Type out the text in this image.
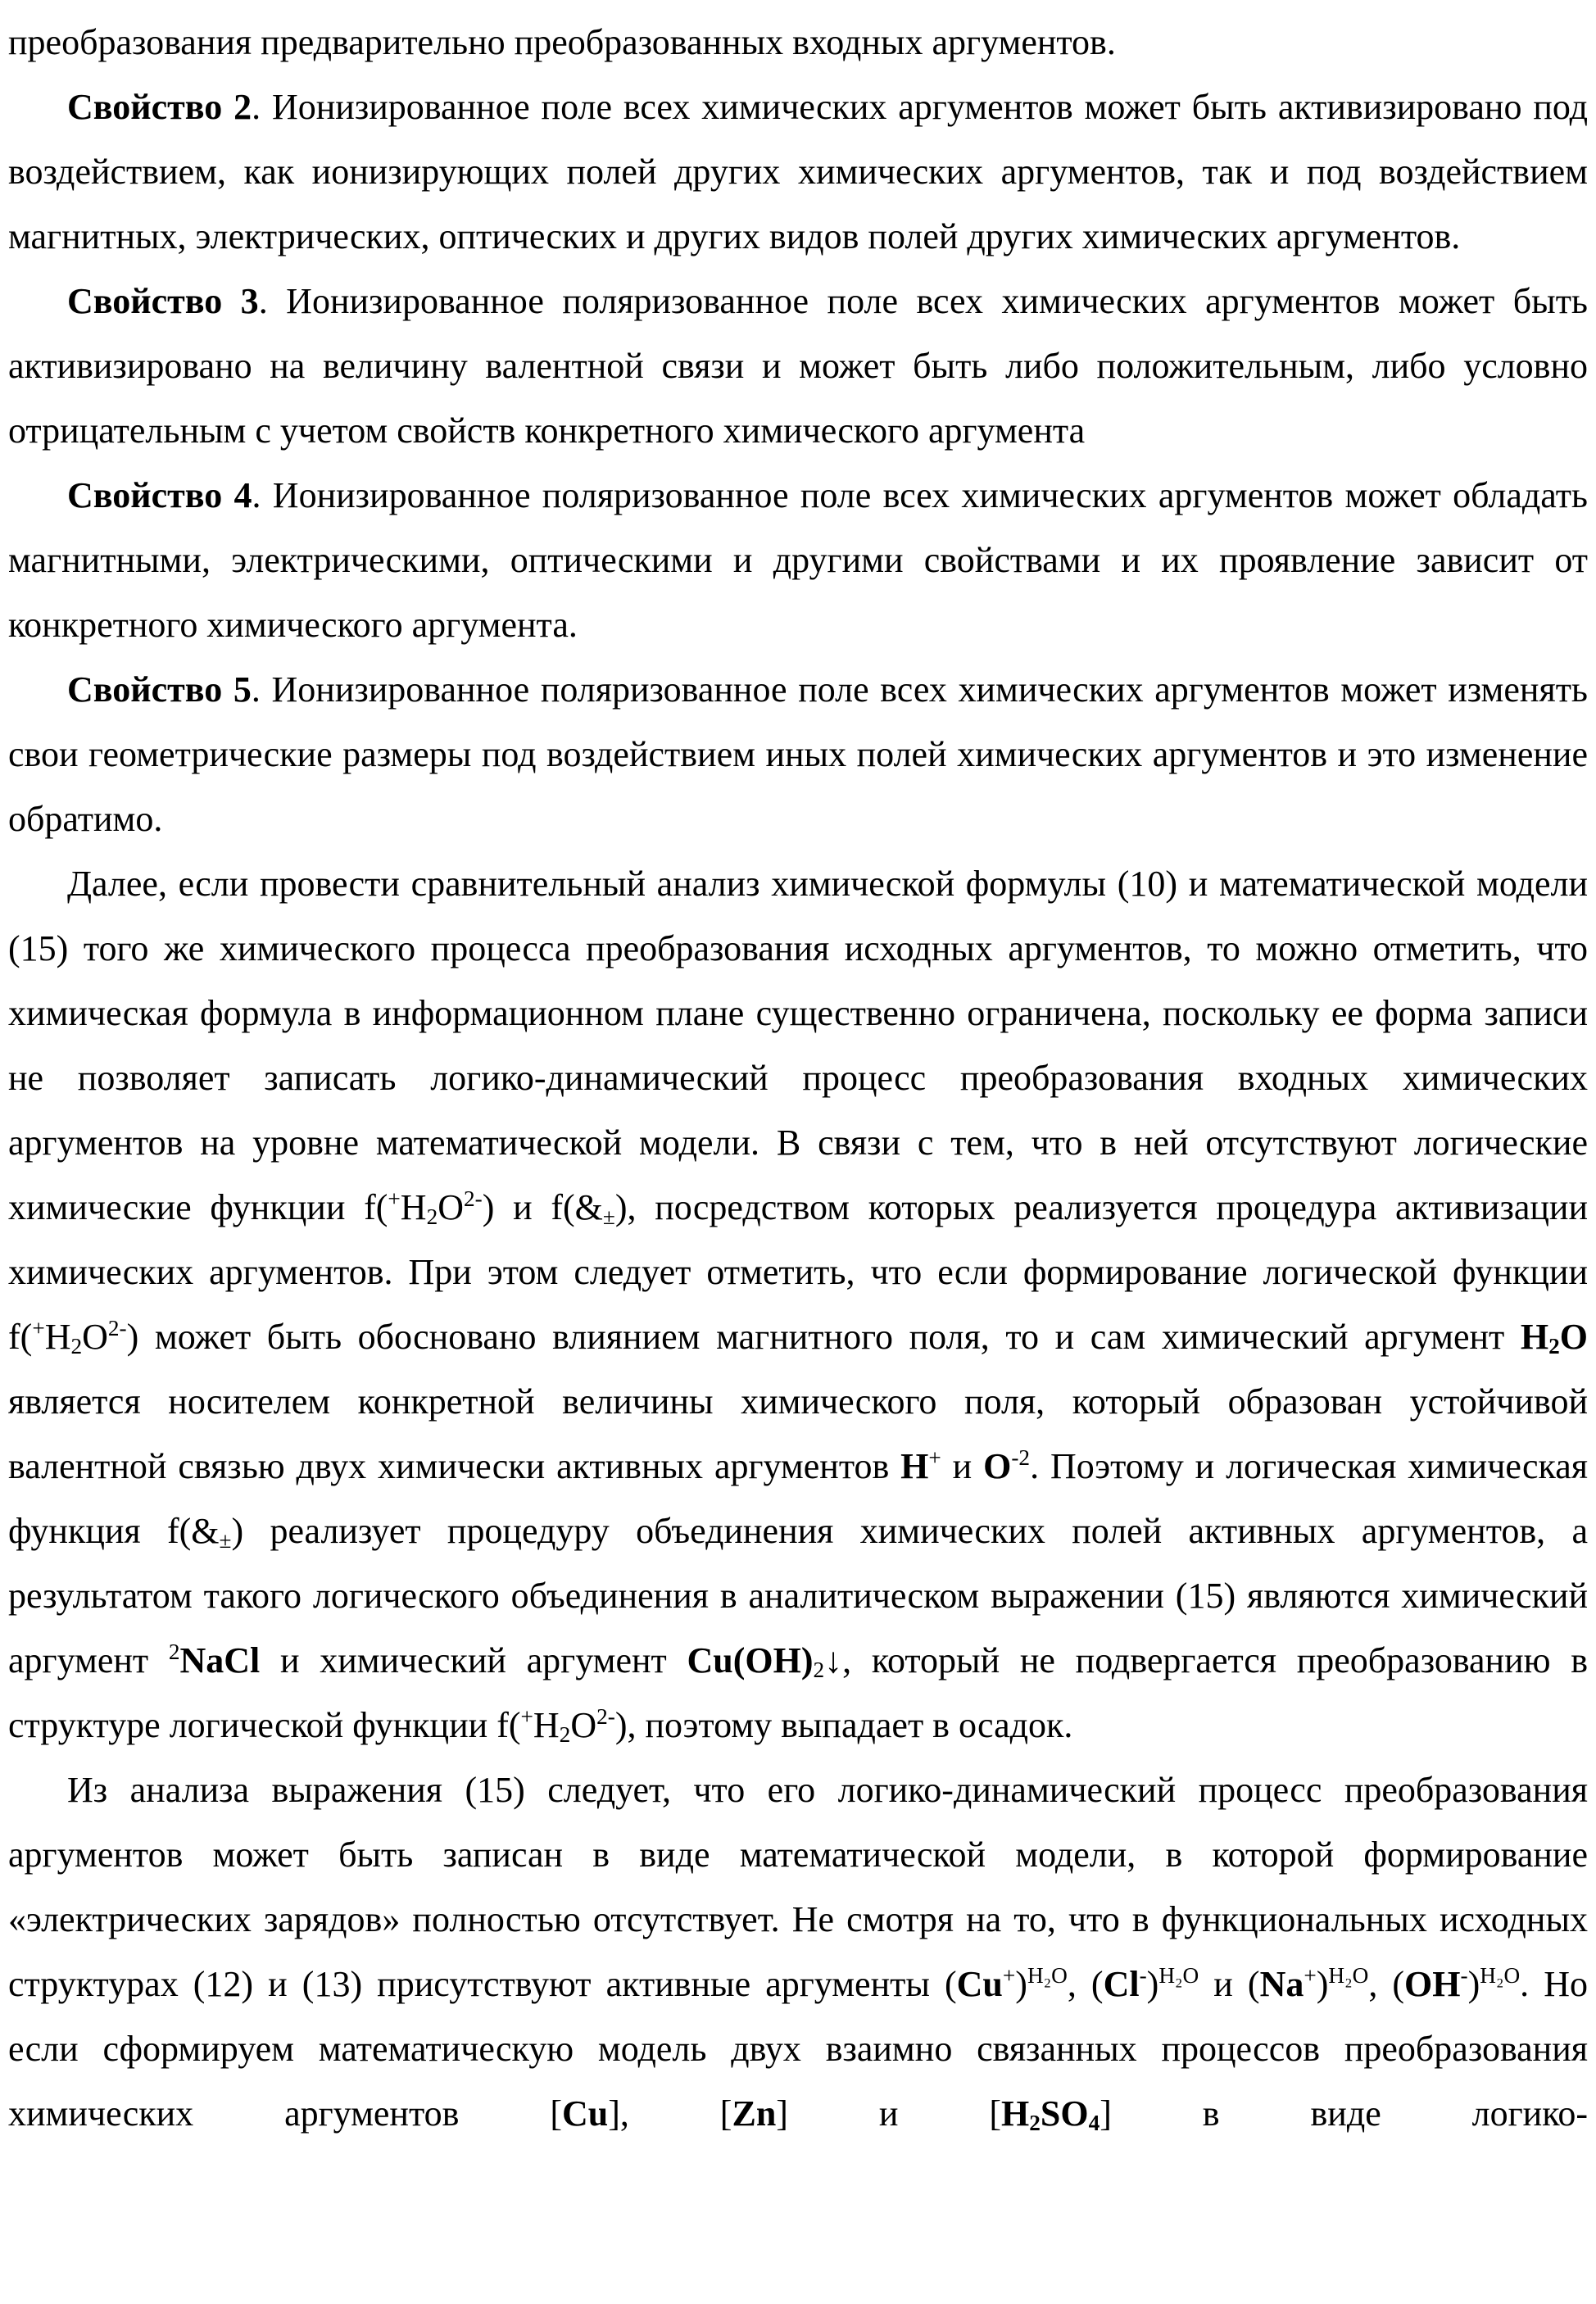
преобразования предварительно преобразованных входных аргументов.

Свойство 2. Ионизированное поле всех химических аргументов может быть активизировано под воздействием, как ионизирующих полей других химических аргументов, так и под воздействием магнитных, электрических, оптических и других видов полей других химических аргументов.

Свойство 3. Ионизированное поляризованное поле всех химических аргументов может быть активизировано на величину валентной связи и может быть либо положительным, либо условно отрицательным с учетом свойств конкретного химического аргумента

Свойство 4. Ионизированное поляризованное поле всех химических аргументов может обладать магнитными, электрическими, оптическими и другими свойствами и их проявление зависит от конкретного химического аргумента.

Свойство 5. Ионизированное поляризованное поле всех химических аргументов может изменять свои геометрические размеры под воздействием иных полей химических аргументов и это изменение обратимо.

Далее, если провести сравнительный анализ химической формулы (10) и математической модели (15) того же химического процесса преобразования исходных аргументов, то можно отметить, что химическая формула в информационном плане существенно ограничена, поскольку ее форма записи не позволяет записать логико-динамический процесс преобразования входных химических аргументов на уровне математической модели. В связи с тем, что в ней отсутствуют логические химические функции $f(^+H_2O^{2-})$ и $f(\&_\pm)$, посредством которых реализуется процедура активизации химических аргументов. При этом следует отметить, что если формирование логической функции $f(^+H_2O^{2-})$ может быть обосновано влиянием магнитного поля, то и сам химический аргумент $H_2O$ является носителем конкретной величины химического поля, который образован устойчивой валентной связью двух химически активных аргументов H+ и $O^{-2}$. Поэтому и логическая химическая функция $f(\&_\pm)$ реализует процедуру объединения химических полей активных аргументов, а результатом такого логического объединения в аналитическом выражении (15) являются химический аргумент $^2$NaCl и химический аргумент $Cu(OH)_2↓$, который не подвергается преобразованию в структуре логической функции $f(^+H_2O^{2-})$, поэтому выпадает в осадок.

Из анализа выражения (15) следует, что его логико-динамический процесс преобразования аргументов может быть записан в виде математической модели, в которой формирование «электрических зарядов» полностью отсутствует. Не смотря на то, что в функциональных исходных структурах (12) и (13) присутствуют активные аргументы $(Cu^+)^{H_2O}$, $(Cl^-)^{H_2O}$ и $(Na^+)^{H_2O}$, $(OH^-)^{H_2O}$. Но если сформируем математическую модель двух взаимно связанных процессов преобразования химических аргументов [Cu], [Zn] и $[H_2SO_4]$ в виде логико-
